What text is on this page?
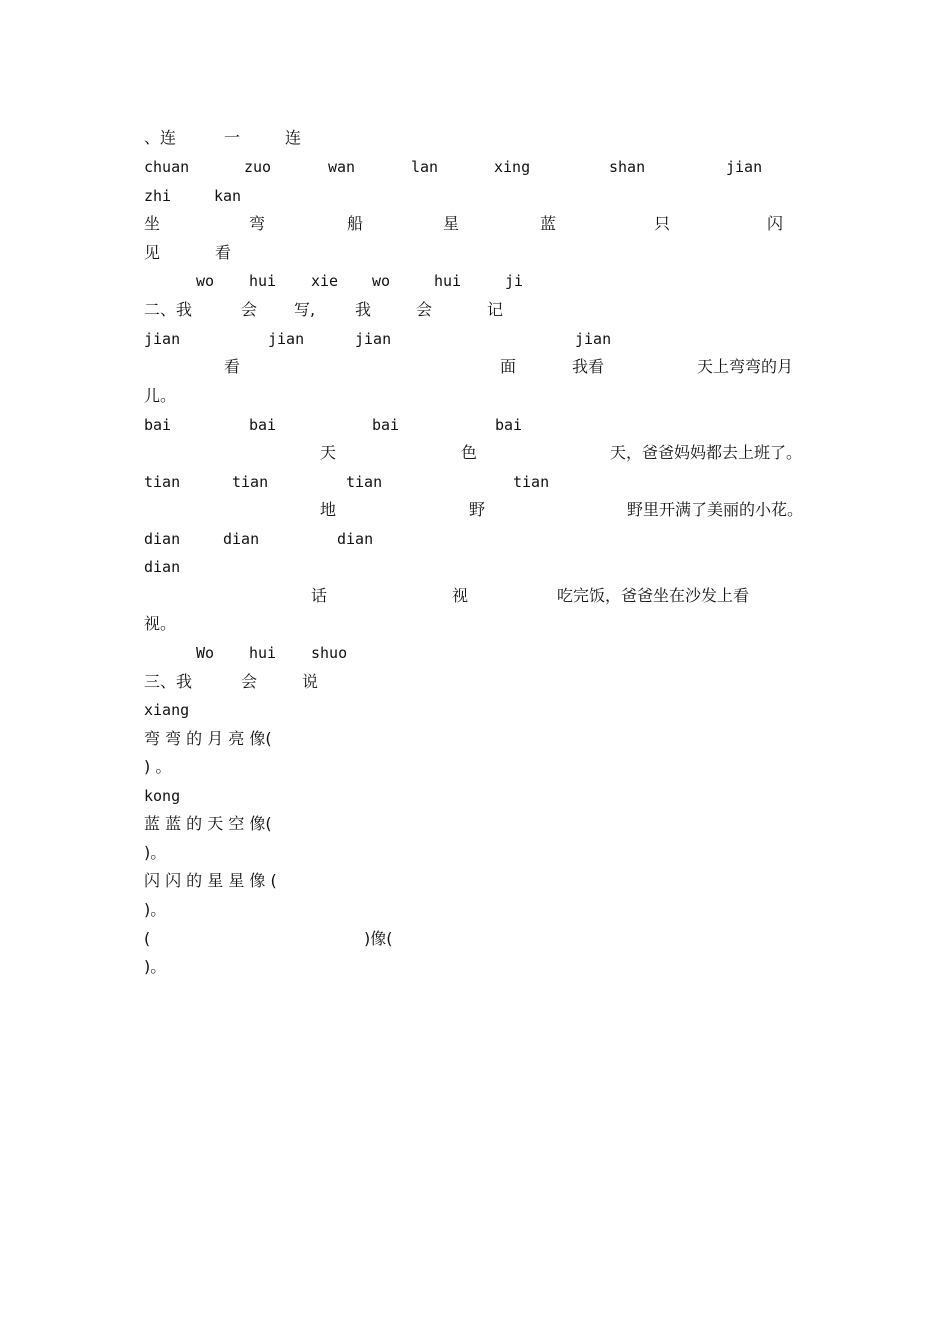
、连	一	连
chuan	zuo	wan	lan	xing	shan	jian
zhi	kan
坐	弯	船	星	蓝	只	闪
见	看
wo hui xie wo	hui	ji
二、我	会 写, 我	会	记
jian	jian	jian	jian
看	面	我看	天上弯弯的月
儿。
bai	bai	bai	bai
天	色	天，爸爸妈妈都去上班了。
tian	tian	tian	tian
地	野	野里开满了美丽的小花。
dian	dian	dian
dian
话	视	吃完饭，爸爸坐在沙发上看
视。
Wo hui shuo
三、我	会	说
xiang
弯 弯 的 月 亮 像(
) 。
kong
蓝 蓝 的 天 空 像(
)。
闪 闪 的 星 星 像 (
)。
(	)像(
)。
